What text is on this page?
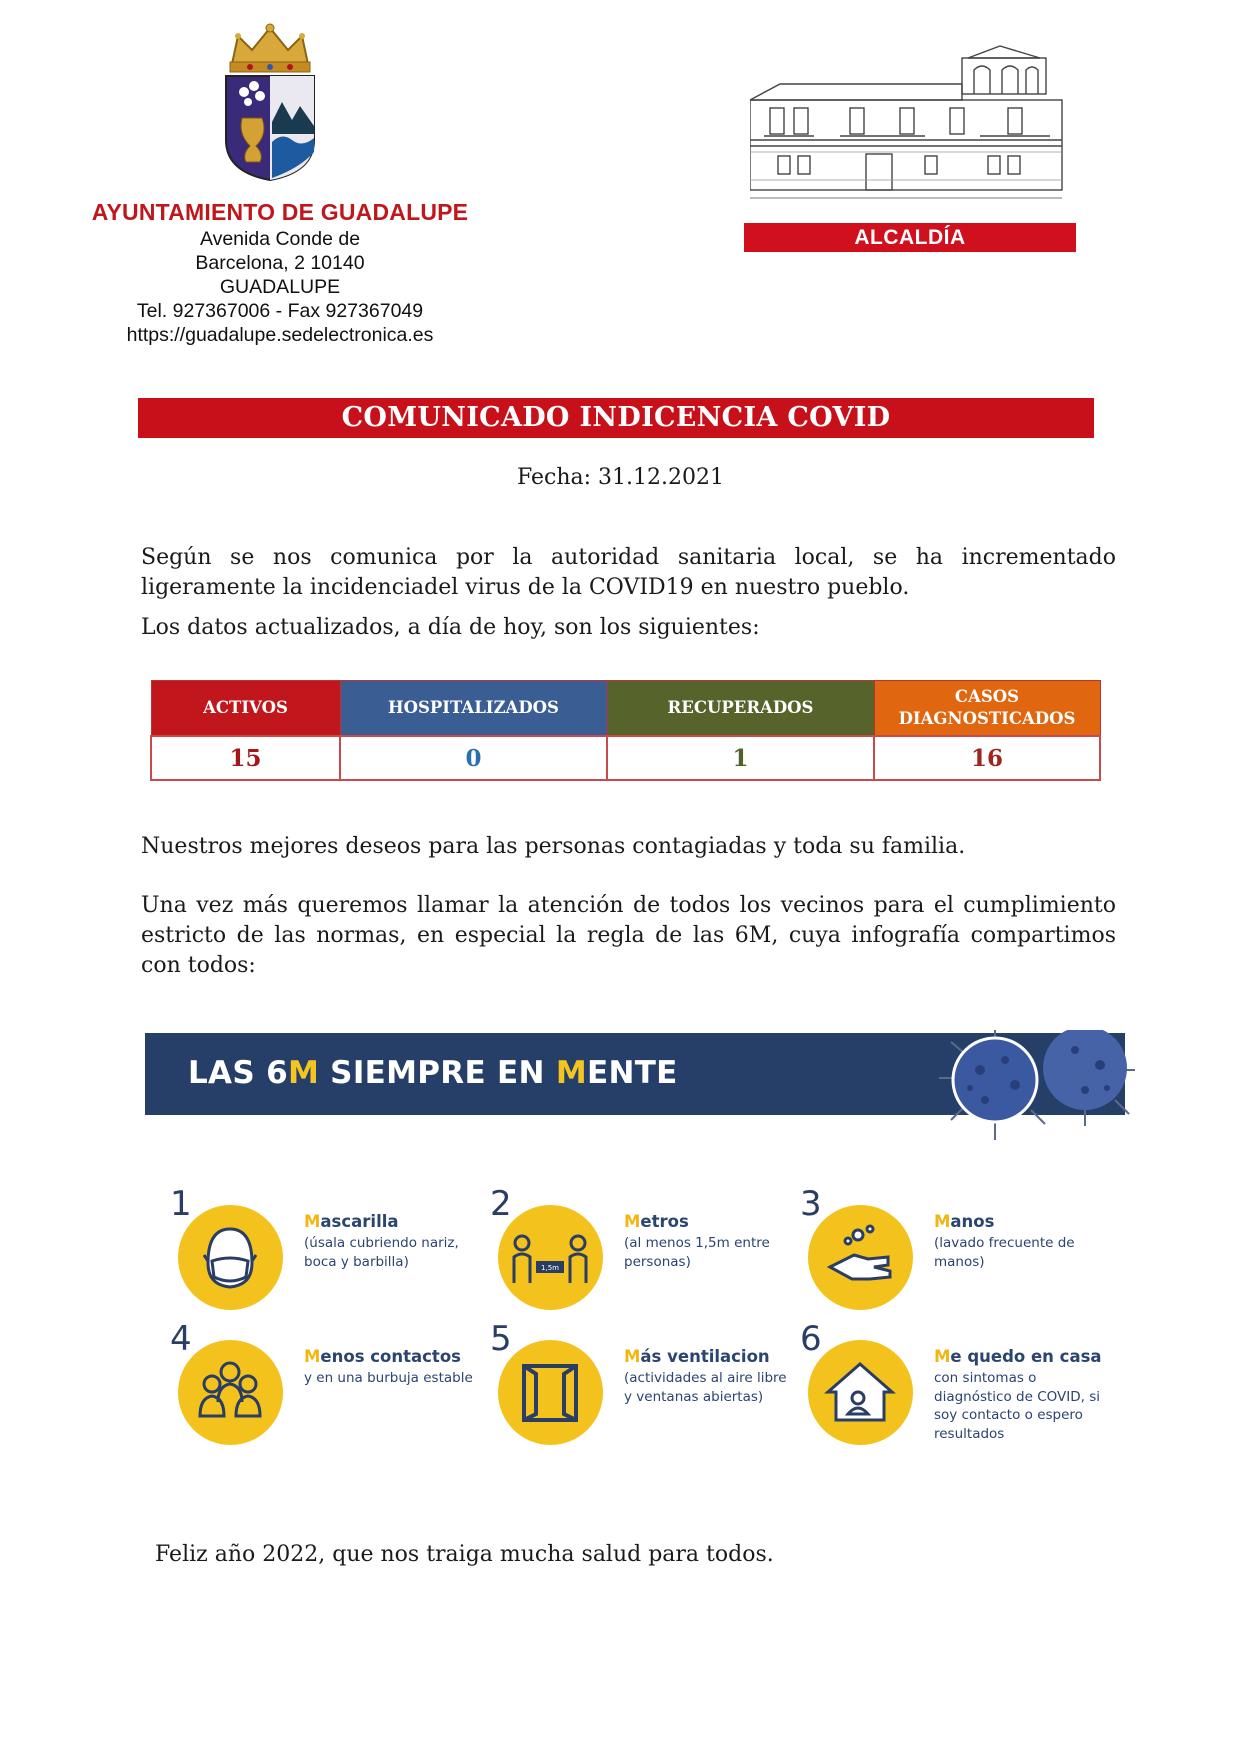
AYUNTAMIENTO DE GUADALUPE
Avenida Conde de
Barcelona, 2 10140
GUADALUPE
Tel. 927367006 - Fax 927367049
https://guadalupe.sedelectronica.es
ALCALDÍA
COMUNICADO INDICENCIA COVID
Fecha: 31.12.2021
Según se nos comunica por la autoridad sanitaria local, se ha incrementado ligeramente la incidenciadel virus de la COVID19 en nuestro pueblo.
Los datos actualizados, a día de hoy, son los siguientes:
ACTIVOS	HOSPITALIZADOS	RECUPERADOS	CASOS DIAGNOSTICADOS
15	0	1	16
Nuestros mejores deseos para las personas contagiadas y toda su familia.
Una vez más queremos llamar la atención de todos los vecinos para el cumplimiento estricto de las normas, en especial la regla de las 6M, cuya infografía compartimos con todos:
LAS 6M SIEMPRE EN MENTE
1	Mascarilla
(úsala cubriendo nariz, boca y barbilla)	1,5m
2	Metros
(al menos 1,5m entre personas)
3	Manos
(lavado frecuente de manos)
4	Menos contactos
y en una burbuja estable
5	Más ventilacion
(actividades al aire libre y ventanas abiertas)
6	Me quedo en casa
con sintomas o diagnóstico de COVID, si soy contacto o espero resultados
Feliz año 2022, que nos traiga mucha salud para todos.
